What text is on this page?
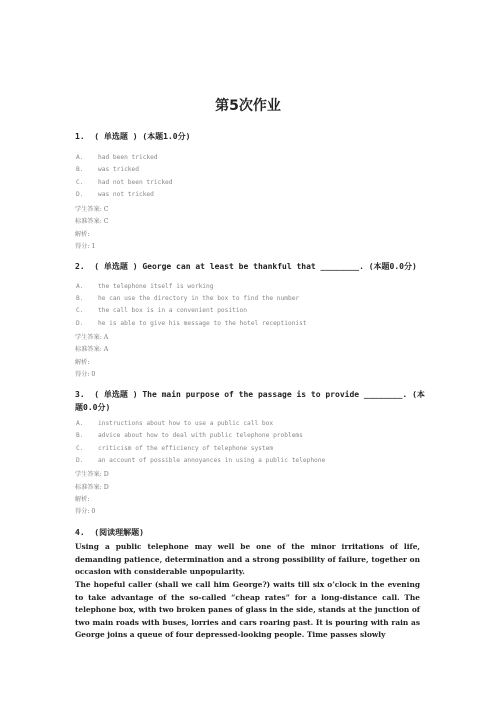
第5次作业
1.  ( 单选题 ) (本题1.0分)
A. had been tricked
B. was tricked
C. had not been tricked
D. was not tricked
学生答案: C
标准答案: C
解析:
得分: 1
2.  ( 单选题 ) George can at least be thankful that ________. (本题0.0分)
A. the telephone itself is working
B. he can use the directory in the box to find the number
C. the call box is in a convenient position
D. he is able to give his message to the hotel receptionist
学生答案: A
标准答案: A
解析:
得分: 0
3.  ( 单选题 ) The main purpose of the passage is to provide ________. (本题0.0分)
A. instructions about how to use a public call box
B. advice about how to deal with public telephone problems
C. criticism of the efficiency of telephone system
D. an account of possible annoyances in using a public telephone
学生答案: D
标准答案: D
解析:
得分: 0
4.  (阅读理解题)
Using a public telephone may well be one of the minor irritations of life, demanding patience, determination and a strong possibility of failure, together on occasion with considerable unpopularity.
The hopeful caller (shall we call him George?) waits till six o’clock in the evening to take advantage of the so-called “cheap rates” for a long-distance call. The telephone box, with two broken panes of glass in the side, stands at the junction of two main roads with buses, lorries and cars roaring past. It is pouring with rain as George joins a queue of four depressed-looking people. Time passes slowly
